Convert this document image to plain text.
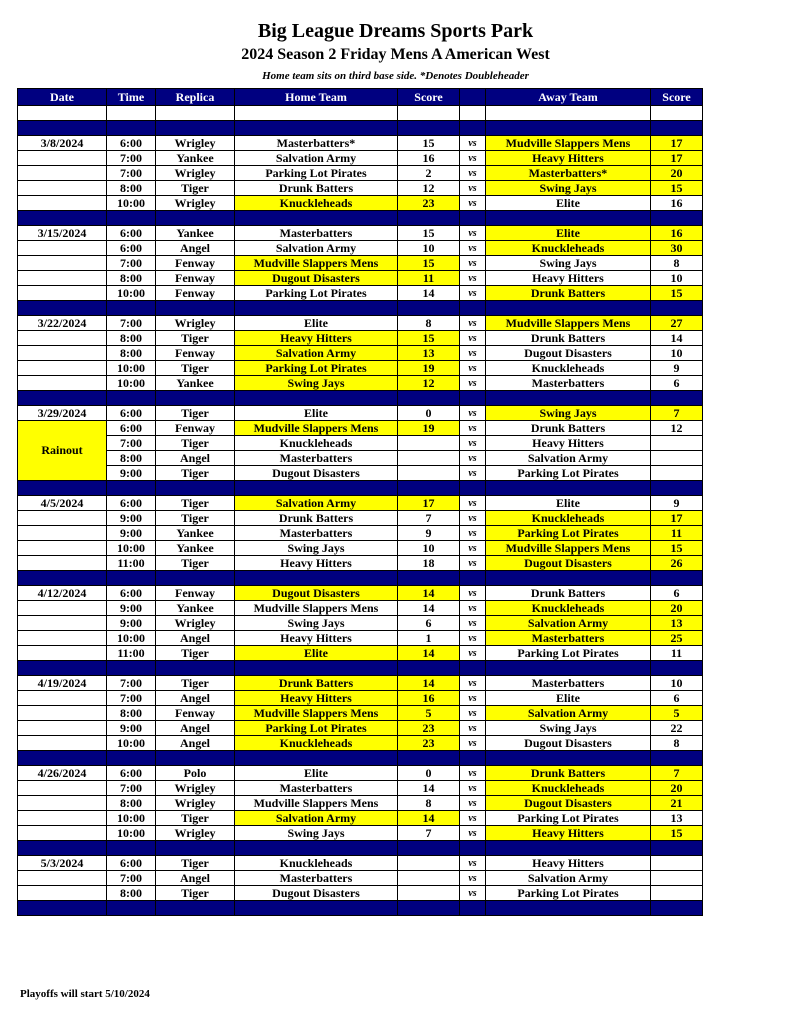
Big League Dreams Sports Park
2024 Season 2 Friday Mens A American West
Home team sits on third base side. *Denotes Doubleheader
Date	Time	Replica	Home Team	Score		Away Team	Score

3/8/2024	6:00	Wrigley	Masterbatters*	15	vs	Mudville Slappers Mens	17
	7:00	Yankee	Salvation Army	16	vs	Heavy Hitters	17
	7:00	Wrigley	Parking Lot Pirates	2	vs	Masterbatters*	20
	8:00	Tiger	Drunk Batters	12	vs	Swing Jays	15
	10:00	Wrigley	Knuckleheads	23	vs	Elite	16

3/15/2024	6:00	Yankee	Masterbatters	15	vs	Elite	16
	6:00	Angel	Salvation Army	10	vs	Knuckleheads	30
	7:00	Fenway	Mudville Slappers Mens	15	vs	Swing Jays	8
	8:00	Fenway	Dugout Disasters	11	vs	Heavy Hitters	10
	10:00	Fenway	Parking Lot Pirates	14	vs	Drunk Batters	15

3/22/2024	7:00	Wrigley	Elite	8	vs	Mudville Slappers Mens	27
	8:00	Tiger	Heavy Hitters	15	vs	Drunk Batters	14
	8:00	Fenway	Salvation Army	13	vs	Dugout Disasters	10
	10:00	Tiger	Parking Lot Pirates	19	vs	Knuckleheads	9
	10:00	Yankee	Swing Jays	12	vs	Masterbatters	6

3/29/2024	6:00	Tiger	Elite	0	vs	Swing Jays	7
Rainout	6:00	Fenway	Mudville Slappers Mens	19	vs	Drunk Batters	12
	7:00	Tiger	Knuckleheads		vs	Heavy Hitters	
	8:00	Angel	Masterbatters		vs	Salvation Army	
	9:00	Tiger	Dugout Disasters		vs	Parking Lot Pirates	

4/5/2024	6:00	Tiger	Salvation Army	17	vs	Elite	9
	9:00	Tiger	Drunk Batters	7	vs	Knuckleheads	17
	9:00	Yankee	Masterbatters	9	vs	Parking Lot Pirates	11
	10:00	Yankee	Swing Jays	10	vs	Mudville Slappers Mens	15
	11:00	Tiger	Heavy Hitters	18	vs	Dugout Disasters	26

4/12/2024	6:00	Fenway	Dugout Disasters	14	vs	Drunk Batters	6
	9:00	Yankee	Mudville Slappers Mens	14	vs	Knuckleheads	20
	9:00	Wrigley	Swing Jays	6	vs	Salvation Army	13
	10:00	Angel	Heavy Hitters	1	vs	Masterbatters	25
	11:00	Tiger	Elite	14	vs	Parking Lot Pirates	11

4/19/2024	7:00	Tiger	Drunk Batters	14	vs	Masterbatters	10
	7:00	Angel	Heavy Hitters	16	vs	Elite	6
	8:00	Fenway	Mudville Slappers Mens	5	vs	Salvation Army	5
	9:00	Angel	Parking Lot Pirates	23	vs	Swing Jays	22
	10:00	Angel	Knuckleheads	23	vs	Dugout Disasters	8

4/26/2024	6:00	Polo	Elite	0	vs	Drunk Batters	7
	7:00	Wrigley	Masterbatters	14	vs	Knuckleheads	20
	8:00	Wrigley	Mudville Slappers Mens	8	vs	Dugout Disasters	21
	10:00	Tiger	Salvation Army	14	vs	Parking Lot Pirates	13
	10:00	Wrigley	Swing Jays	7	vs	Heavy Hitters	15

5/3/2024	6:00	Tiger	Knuckleheads		vs	Heavy Hitters	
	7:00	Angel	Masterbatters		vs	Salvation Army	
	8:00	Tiger	Dugout Disasters		vs	Parking Lot Pirates	

Playoffs will start 5/10/2024
